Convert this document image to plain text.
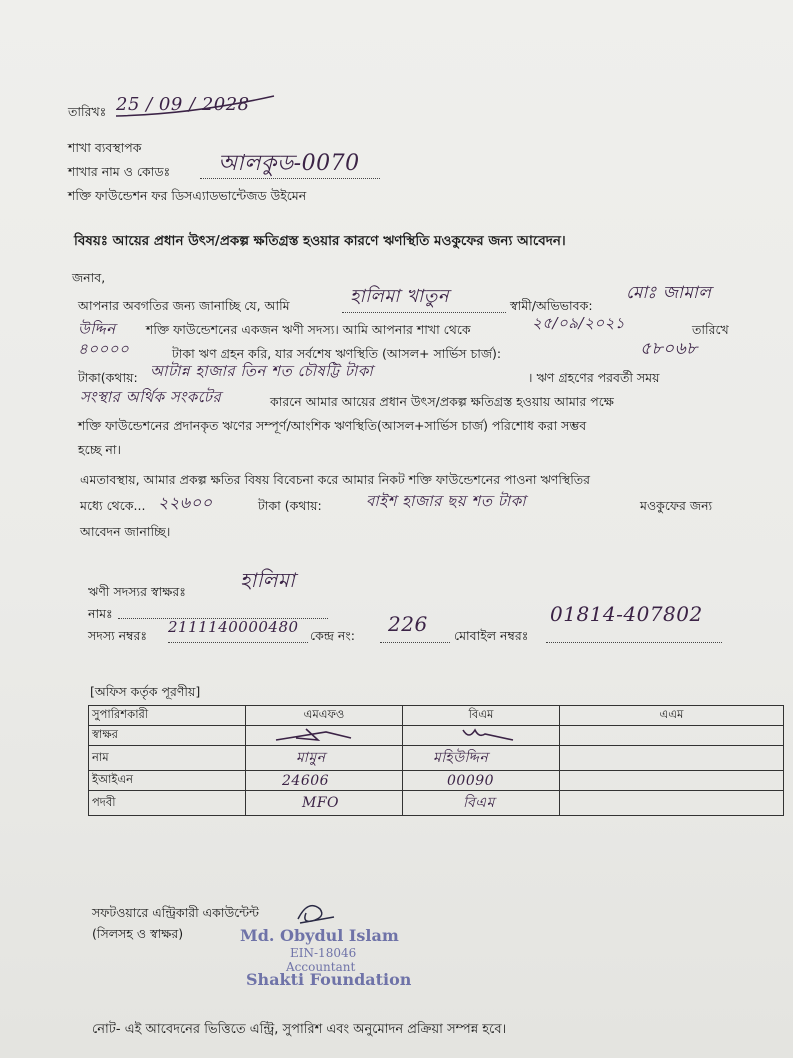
তারিখঃ 25 / 09 / 2028
শাখা ব্যবস্থাপক
শাখার নাম ও কোডঃ আলকুড-0070
শক্তি ফাউন্ডেশন ফর ডিসএ্যাডভান্টেজড উইমেন
বিষয়ঃ আয়ের প্রধান উৎস/প্রকল্প ক্ষতিগ্রস্ত হওয়ার কারণে ঋণস্থিতি মওকুফের জন্য আবেদন।
জনাব,
আপনার অবগতির জন্য জানাচ্ছি যে, আমি	হালিমা খাতুন	স্বামী/অভিভাবক:
মোঃ জামাল
উদ্দিন শক্তি ফাউন্ডেশনের একজন ঋণী সদস্য। আমি আপনার শাখা থেকে	২৫/০৯/২০২১	তারিখে
৪০০০০	টাকা ঋণ গ্রহন করি, যার সর্বশেষ ঋণস্থিতি (আসল+ সার্ভিস চার্জ):	৫৮০৬৮
টাকা(কথায়: আটান্ন হাজার তিন শত চৌষট্টি টাকা	। ঋণ গ্রহণের পরবর্তী সময়
সংস্থার অর্থিক সংকটের	কারনে আমার আয়ের প্রধান উৎস/প্রকল্প ক্ষতিগ্রস্ত হওয়ায় আমার পক্ষে
শক্তি ফাউন্ডেশনের প্রদানকৃত ঋণের সম্পূর্ণ/আংশিক ঋণস্থিতি(আসল+সার্ভিস চার্জ) পরিশোধ করা সম্ভব
হচ্ছে না।
এমতাবস্থায়, আমার প্রকল্প ক্ষতির বিষয় বিবেচনা করে আমার নিকট শক্তি ফাউন্ডেশনের পাওনা ঋণস্থিতির
মধ্যে থেকে... ২২৬০০	টাকা (কথায়:	বাইশ হাজার ছয় শত টাকা	মওকুফের জন্য
আবেদন জানাচ্ছি।
ঋণী সদস্যর স্বাক্ষরঃ	হালিমা
নামঃ
সদস্য নম্বরঃ 2111140000480 কেন্দ্র নং: 226 মোবাইল নম্বরঃ
01814-407802
[অফিস কর্তৃক পূরণীয়]
সুপারিশকারী	এমএফও	বিএম	এএম
স্বাক্ষর	

নাম	মামুন	মহিউদ্দিন	
ইআইএন	24606	00090	
পদবী	MFO	বিএম	
সফটওয়ারে এন্ট্রিকারী একাউন্টেন্ট
(সিলসহ ও স্বাক্ষর)	Md. Obydul Islam
EIN-18046
Accountant
Shakti Foundation
নোট- এই আবেদনের ভিত্তিতে এন্ট্রি, সুপারিশ এবং অনুমোদন প্রক্রিয়া সম্পন্ন হবে।
